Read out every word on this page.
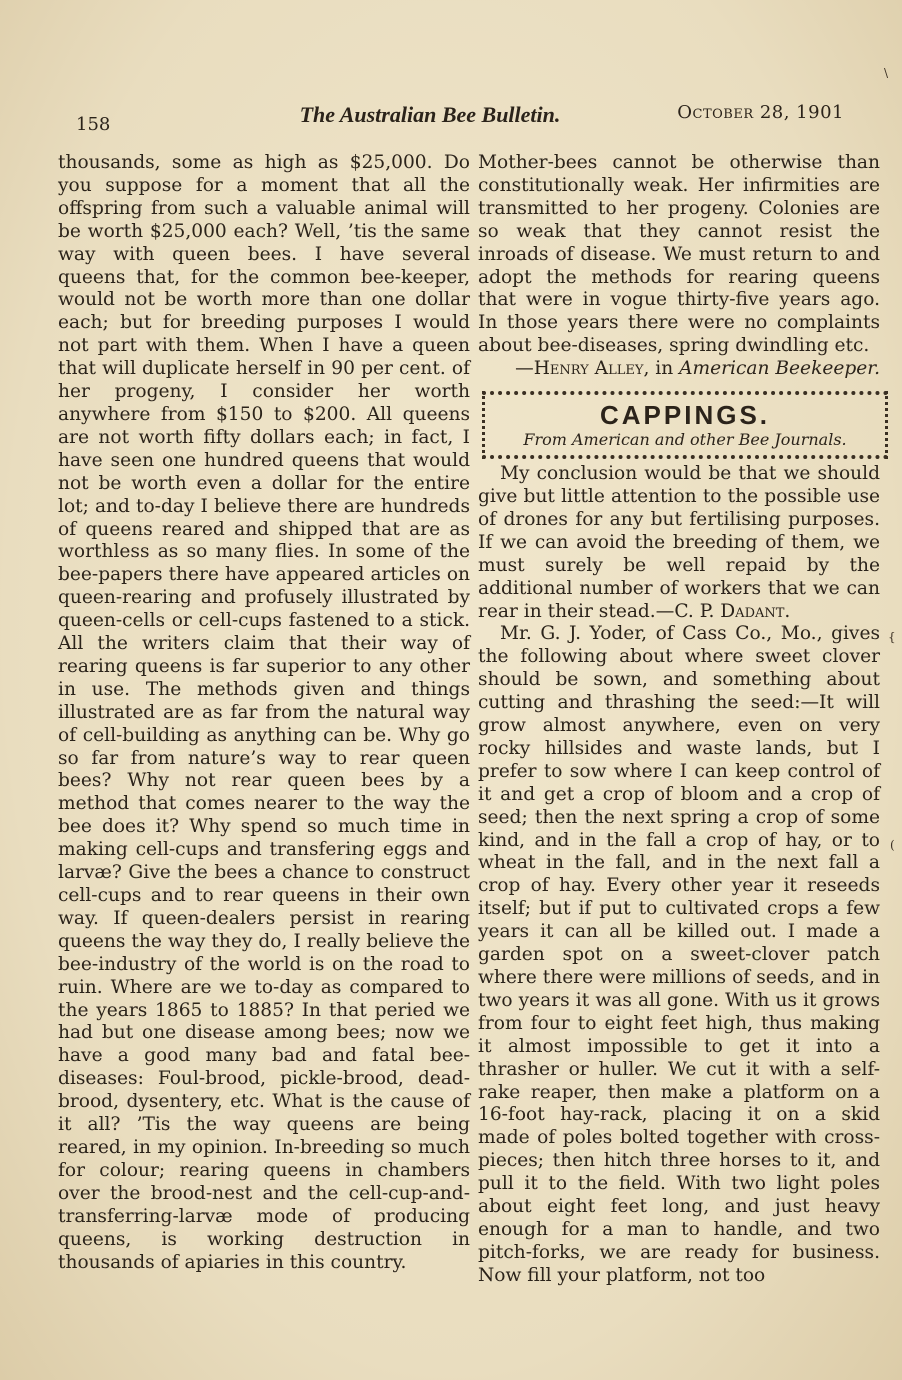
158	The Australian Bee Bulletin.	October 28, 1901

thousands, some as high as $25,000. Do you suppose for a moment that all the offspring from such a valuable animal will be worth $25,000 each? Well, ’tis the same way with queen bees. I have several queens that, for the common bee-keeper, would not be worth more than one dollar each; but for breeding purposes I would not part with them. When I have a queen that will duplicate herself in 90 per cent. of her progeny, I consider her worth anywhere from $150 to $200. All queens are not worth fifty dollars each; in fact, I have seen one hundred queens that would not be worth even a dollar for the entire lot; and to-day I believe there are hundreds of queens reared and shipped that are as worthless as so many flies. In some of the bee-papers there have appeared articles on queen-rearing and profusely illustrated by queen-cells or cell-cups fastened to a stick. All the writers claim that their way of rearing queens is far superior to any other in use. The methods given and things illustrated are as far from the natural way of cell-building as anything can be. Why go so far from nature’s way to rear queen bees? Why not rear queen bees by a method that comes nearer to the way the bee does it? Why spend so much time in making cell-cups and transfering eggs and larvæ? Give the bees a chance to construct cell-cups and to rear queens in their own way. If queen-dealers persist in rearing queens the way they do, I really believe the bee-industry of the world is on the road to ruin. Where are we to-day as compared to the years 1865 to 1885? In that peried we had but one disease among bees; now we have a good many bad and fatal bee-diseases: Foul-brood, pickle-brood, dead-brood, dysentery, etc. What is the cause of it all? ’Tis the way queens are being reared, in my opinion. In-breeding so much for colour; rearing queens in chambers over the brood-nest and the cell-cup-and-transferring-larvæ mode of producing queens, is working destruction in thousands of apiaries in this country.

Mother-bees cannot be otherwise than constitutionally weak. Her infirmities are transmitted to her progeny. Colonies are so weak that they cannot resist the inroads of disease. We must return to and adopt the methods for rearing queens that were in vogue thirty-five years ago. In those years there were no complaints about bee-diseases, spring dwindling etc.

—Henry Alley, in American Beekeeper.

CAPPINGS.
From American and other Bee Journals.

My conclusion would be that we should give but little attention to the possible use of drones for any but fertilising purposes. If we can avoid the breeding of them, we must surely be well repaid by the additional number of workers that we can rear in their stead.—C. P. Dadant.

Mr. G. J. Yoder, of Cass Co., Mo., gives the following about where sweet clover should be sown, and something about cutting and thrashing the seed:—It will grow almost anywhere, even on very rocky hillsides and waste lands, but I prefer to sow where I can keep control of it and get a crop of bloom and a crop of seed; then the next spring a crop of some kind, and in the fall a crop of hay, or to wheat in the fall, and in the next fall a crop of hay. Every other year it reseeds itself; but if put to cultivated crops a few years it can all be killed out. I made a garden spot on a sweet-clover patch where there were millions of seeds, and in two years it was all gone. With us it grows from four to eight feet high, thus making it almost impossible to get it into a thrasher or huller. We cut it with a self-rake reaper, then make a platform on a 16-foot hay-rack, placing it on a skid made of poles bolted together with cross-pieces; then hitch three horses to it, and pull it to the field. With two light poles about eight feet long, and just heavy enough for a man to handle, and two pitch-forks, we are ready for business. Now fill your platform, not too

\
{
(
